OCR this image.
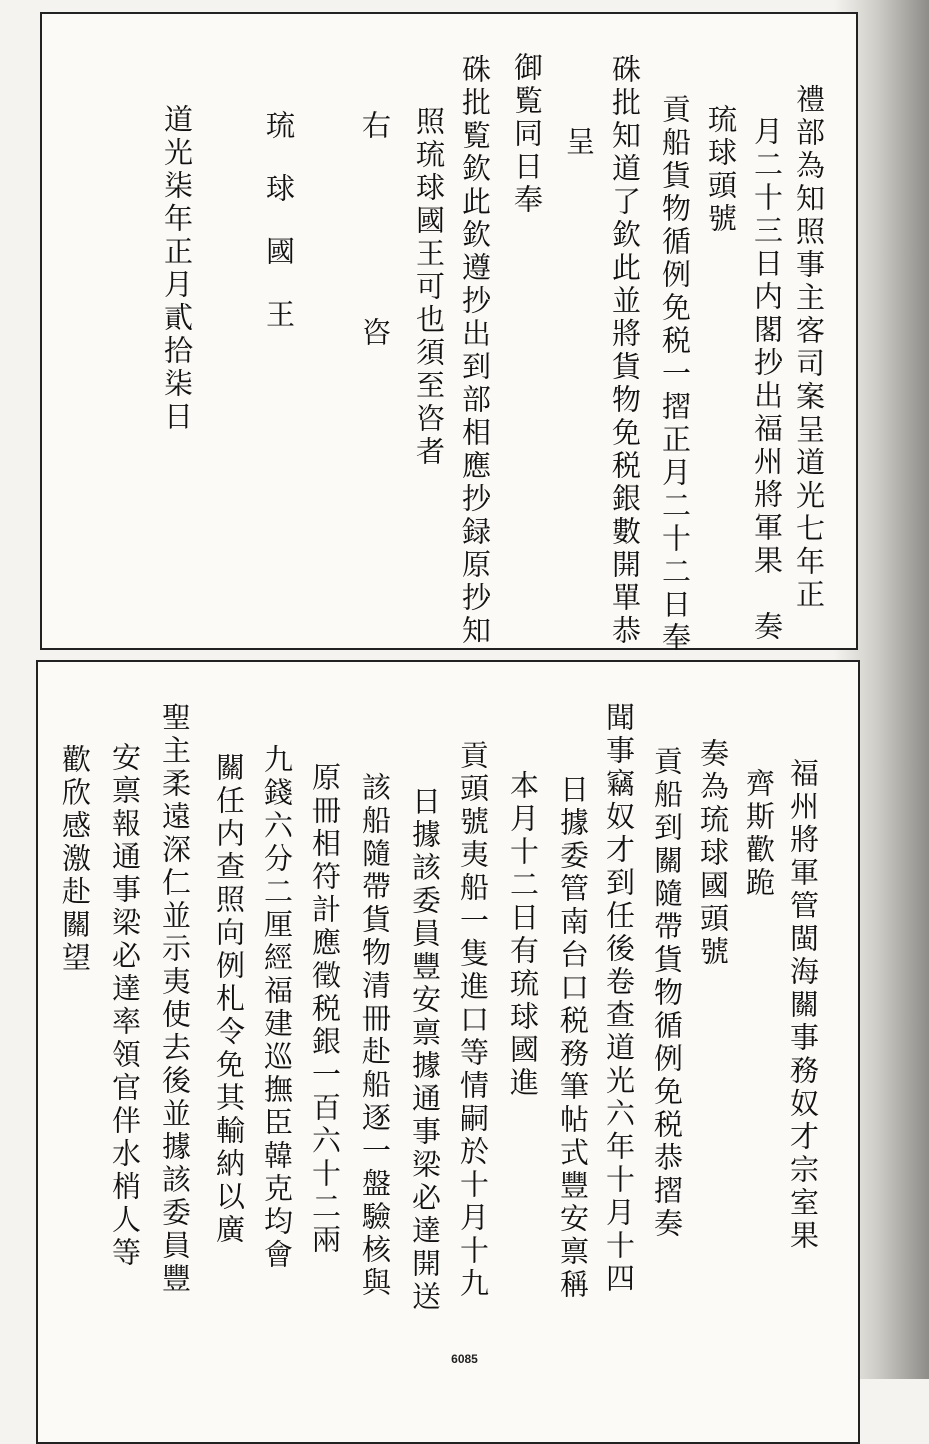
禮部為知照事主客司案呈道光七年正
月二十三日内閣抄出福州將軍果　奏
琉球頭號
貢船貨物循例免税一摺正月二十二日奉
硃批知道了欽此並將貨物免税銀數開單恭
呈
御覧同日奉
硃批覧欽此欽遵抄出到部相應抄録原抄知
照琉球國王可也須至咨者
右　　咨
琉球國王
道光柒年正月貳拾柒日
福州將軍管閩海關事務奴才宗室果
齊斯歡跪
奏為琉球國頭號
貢船到關隨帶貨物循例免税恭摺奏
聞事竊奴才到任後卷查道光六年十月十四
日據委管南台口税務筆帖式豐安禀稱
本月十二日有琉球國進
貢頭號夷船一隻進口等情嗣於十月十九
日據該委員豐安禀據通事梁必達開送
該船隨帶貨物清冊赴船逐一盤驗核與
原冊相符計應徵税銀一百六十二兩
九錢六分二厘經福建巡撫臣韓克均會
關任内查照向例札令免其輸納以廣
聖主柔遠深仁並示夷使去後並據該委員豐
安禀報通事梁必達率領官伴水梢人等
歡欣感激赴關望
6085
